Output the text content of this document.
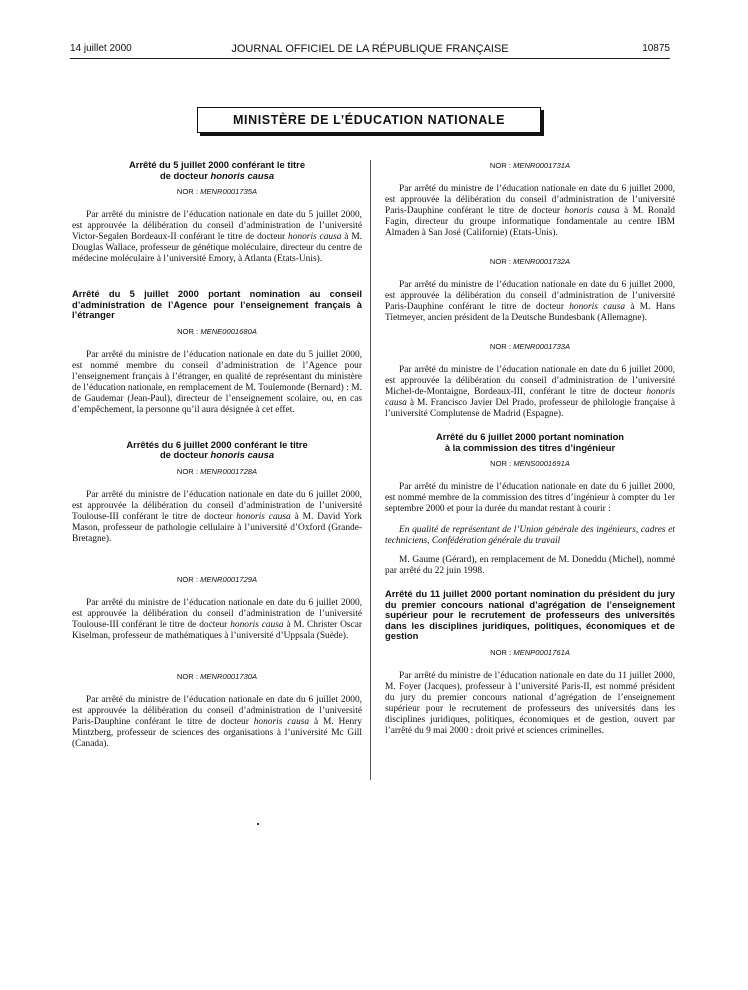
14 juillet 2000	JOURNAL OFFICIEL DE LA RÉPUBLIQUE FRANÇAISE	10875
MINISTÈRE DE L’ÉDUCATION NATIONALE

Arrêté du 5 juillet 2000 conférant le titre
de docteur honoris causa

NOR : MENR0001735A

Par arrêté du ministre de l’éducation nationale en date du 5 juillet 2000, est approuvée la délibération du conseil d’administration de l’université Victor-Segalen Bordeaux-II conférant le titre de docteur honoris causa à M. Douglas Wallace, professeur de génétique moléculaire, directeur du centre de médecine moléculaire à l’université Emory, à Atlanta (Etats-Unis).

Arrêté du 5 juillet 2000 portant nomination au conseil d’administration de l’Agence pour l’enseignement français à l’étranger

NOR : MENE0001680A

Par arrêté du ministre de l’éducation nationale en date du 5 juillet 2000, est nommé membre du conseil d’administration de l’Agence pour l’enseignement français à l’étranger, en qualité de représentant du ministère de l’éducation nationale, en remplacement de M. Toulemonde (Bernard) : M. de Gaudemar (Jean-Paul), directeur de l’enseignement scolaire, ou, en cas d’empêchement, la personne qu’il aura désignée à cet effet.

Arrêtés du 6 juillet 2000 conférant le titre
de docteur honoris causa

NOR : MENR0001728A

Par arrêté du ministre de l’éducation nationale en date du 6 juillet 2000, est approuvée la délibération du conseil d’administration de l’université Toulouse-III conférant le titre de docteur honoris causa à M. David York Mason, professeur de pathologie cellulaire à l’université d’Oxford (Grande-Bretagne).

NOR : MENR0001729A

Par arrêté du ministre de l’éducation nationale en date du 6 juillet 2000, est approuvée la délibération du conseil d’administration de l’université Toulouse-III conférant le titre de docteur honoris causa à M. Christer Oscar Kiselman, professeur de mathématiques à l’université d’Uppsala (Suède).

NOR : MENR0001730A

Par arrêté du ministre de l’éducation nationale en date du 6 juillet 2000, est approuvée la délibération du conseil d’administration de l’université Paris-Dauphine conférant le titre de docteur honoris causa à M. Henry Mintzberg, professeur de sciences des organisations à l’université Mc Gill (Canada).

NOR : MENR0001731A

Par arrêté du ministre de l’éducation nationale en date du 6 juillet 2000, est approuvée la délibération du conseil d’administration de l’université Paris-Dauphine conférant le titre de docteur honoris causa à M. Ronald Fagin, directeur du groupe informatique fondamentale au centre IBM Almaden à San José (Californie) (Etats-Unis).

NOR : MENR0001732A

Par arrêté du ministre de l’éducation nationale en date du 6 juillet 2000, est approuvée la délibération du conseil d’administration de l’université Paris-Dauphine conférant le titre de docteur honoris causa à M. Hans Tietmeyer, ancien président de la Deutsche Bundesbank (Allemagne).

NOR : MENR0001733A

Par arrêté du ministre de l’éducation nationale en date du 6 juillet 2000, est approuvée la délibération du conseil d’administration de l’université Michel-de-Montaigne, Bordeaux-III, conférant le titre de docteur honoris causa à M. Francisco Javier Del Prado, professeur de philologie française à l’université Complutense de Madrid (Espagne).

Arrêté du 6 juillet 2000 portant nomination
à la commission des titres d’ingénieur

NOR : MENS0001691A

Par arrêté du ministre de l’éducation nationale en date du 6 juillet 2000, est nommé membre de la commission des titres d’ingénieur à compter du 1er septembre 2000 et pour la durée du mandat restant à courir :

En qualité de représentant de l’Union générale des ingénieurs, cadres et techniciens, Confédération générale du travail

M. Gaume (Gérard), en remplacement de M. Doneddu (Michel), nommé par arrêté du 22 juin 1998.

Arrêté du 11 juillet 2000 portant nomination du président du jury du premier concours national d’agrégation de l’enseignement supérieur pour le recrutement de professeurs des universités dans les disciplines juridiques, politiques, économiques et de gestion

NOR : MENP0001761A

Par arrêté du ministre de l’éducation nationale en date du 11 juillet 2000, M. Foyer (Jacques), professeur à l’université Paris-II, est nommé président du jury du premier concours national d’agrégation de l’enseignement supérieur pour le recrutement de professeurs des universités dans les disciplines juridiques, politiques, économiques et de gestion, ouvert par l’arrêté du 9 mai 2000 : droit privé et sciences criminelles.
